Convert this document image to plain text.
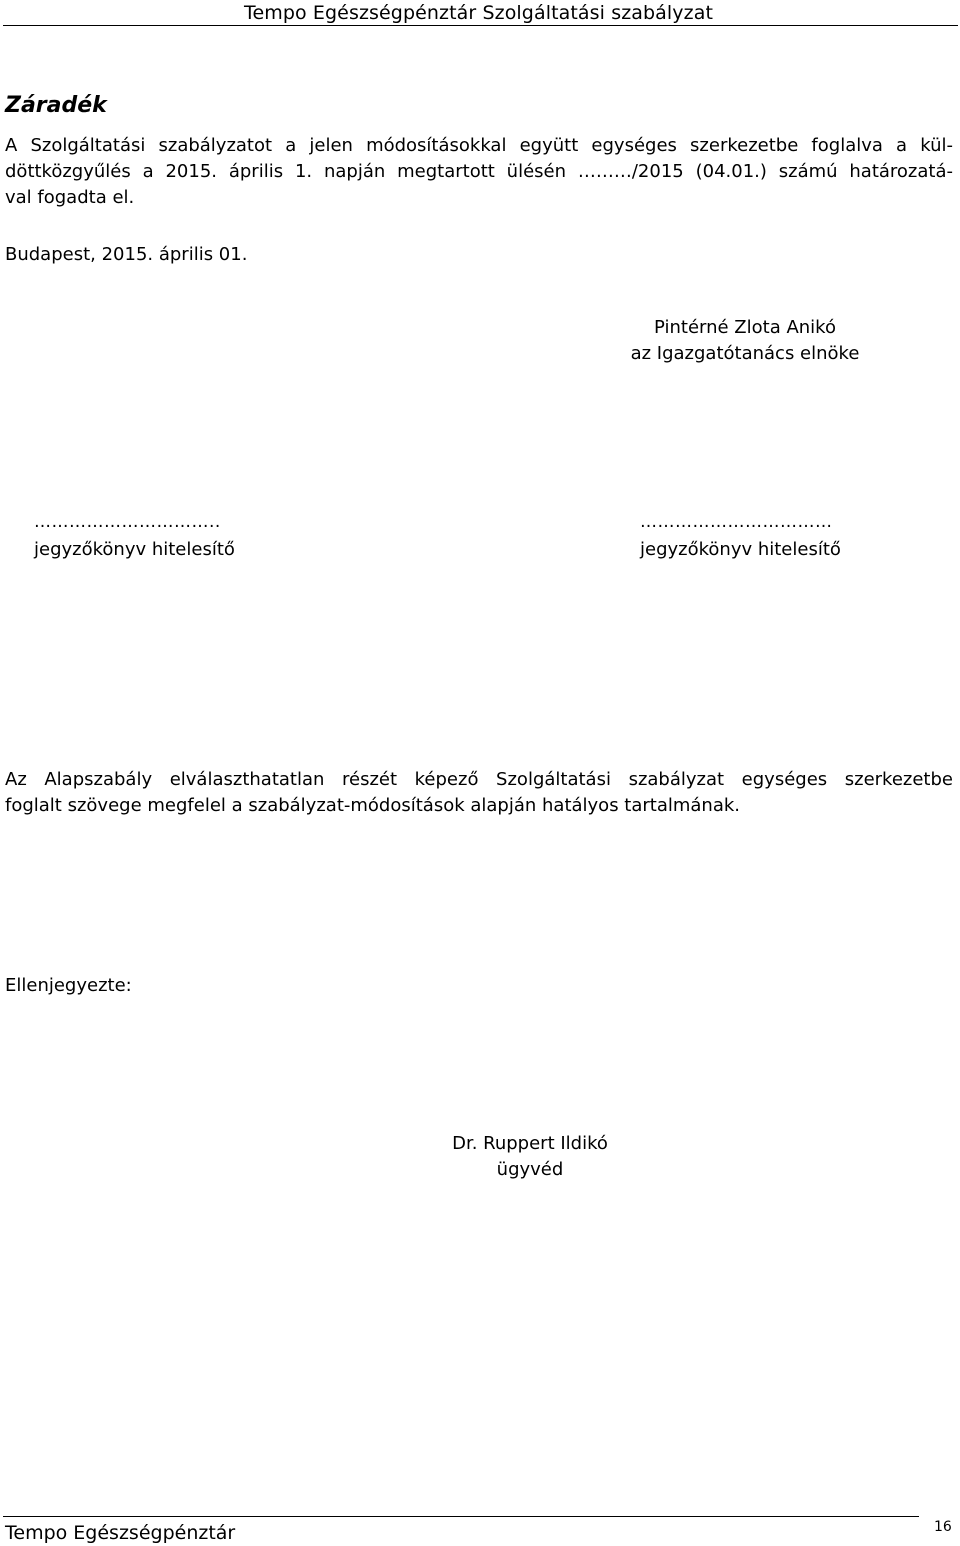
Tempo Egészségpénztár Szolgáltatási szabályzat
Záradék
A Szolgáltatási szabályzatot a jelen módosításokkal együtt egységes szerkezetbe foglalva a kül-
döttközgyűlés a 2015. április 1. napján megtartott ülésén ………/2015 (04.01.) számú határozatá-
val fogadta el.
Budapest, 2015. április 01.
Pintérné Zlota Anikó
az Igazgatótanács elnöke
…………………………..
jegyzőkönyv hitelesítő
……………………………
jegyzőkönyv hitelesítő
Az Alapszabály elválaszthatatlan részét képező Szolgáltatási szabályzat egységes szerkezetbe
foglalt szövege megfelel a szabályzat-módosítások alapján hatályos tartalmának.
Ellenjegyezte:
Dr. Ruppert Ildikó
ügyvéd
Tempo Egészségpénztár	16
